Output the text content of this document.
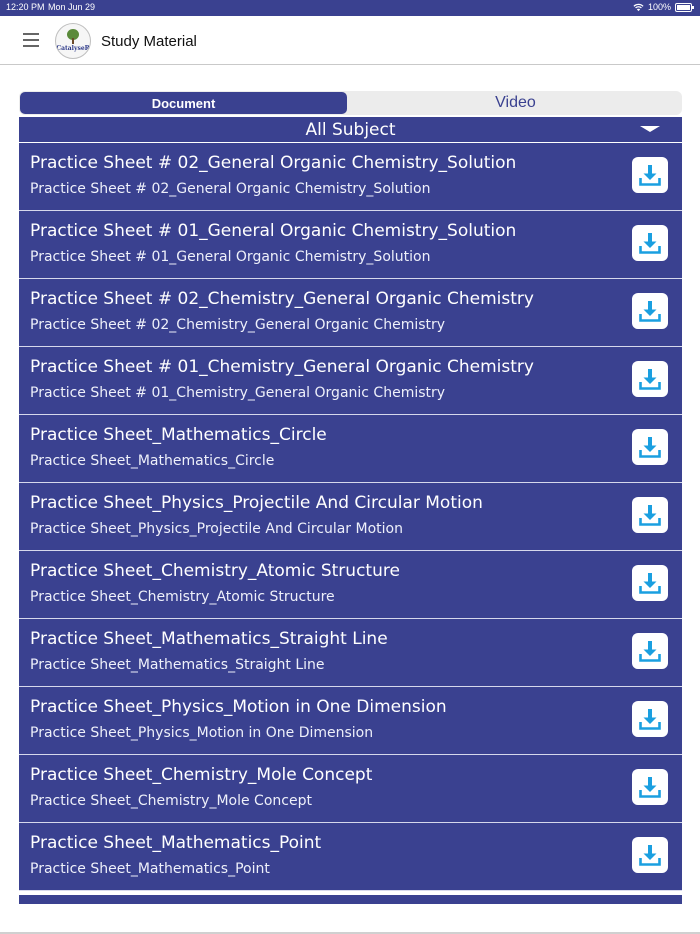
12:20 PM Mon Jun 29	100%
CatalyseR Study Material
Document	Video
All Subject
Practice Sheet # 02_General Organic Chemistry_Solution
Practice Sheet # 02_General Organic Chemistry_Solution
Practice Sheet # 01_General Organic Chemistry_Solution
Practice Sheet # 01_General Organic Chemistry_Solution
Practice Sheet # 02_Chemistry_General Organic Chemistry
Practice Sheet # 02_Chemistry_General Organic Chemistry
Practice Sheet # 01_Chemistry_General Organic Chemistry
Practice Sheet # 01_Chemistry_General Organic Chemistry
Practice Sheet_Mathematics_Circle
Practice Sheet_Mathematics_Circle
Practice Sheet_Physics_Projectile And Circular Motion
Practice Sheet_Physics_Projectile And Circular Motion
Practice Sheet_Chemistry_Atomic Structure
Practice Sheet_Chemistry_Atomic Structure
Practice Sheet_Mathematics_Straight Line
Practice Sheet_Mathematics_Straight Line
Practice Sheet_Physics_Motion in One Dimension
Practice Sheet_Physics_Motion in One Dimension
Practice Sheet_Chemistry_Mole Concept
Practice Sheet_Chemistry_Mole Concept
Practice Sheet_Mathematics_Point
Practice Sheet_Mathematics_Point
